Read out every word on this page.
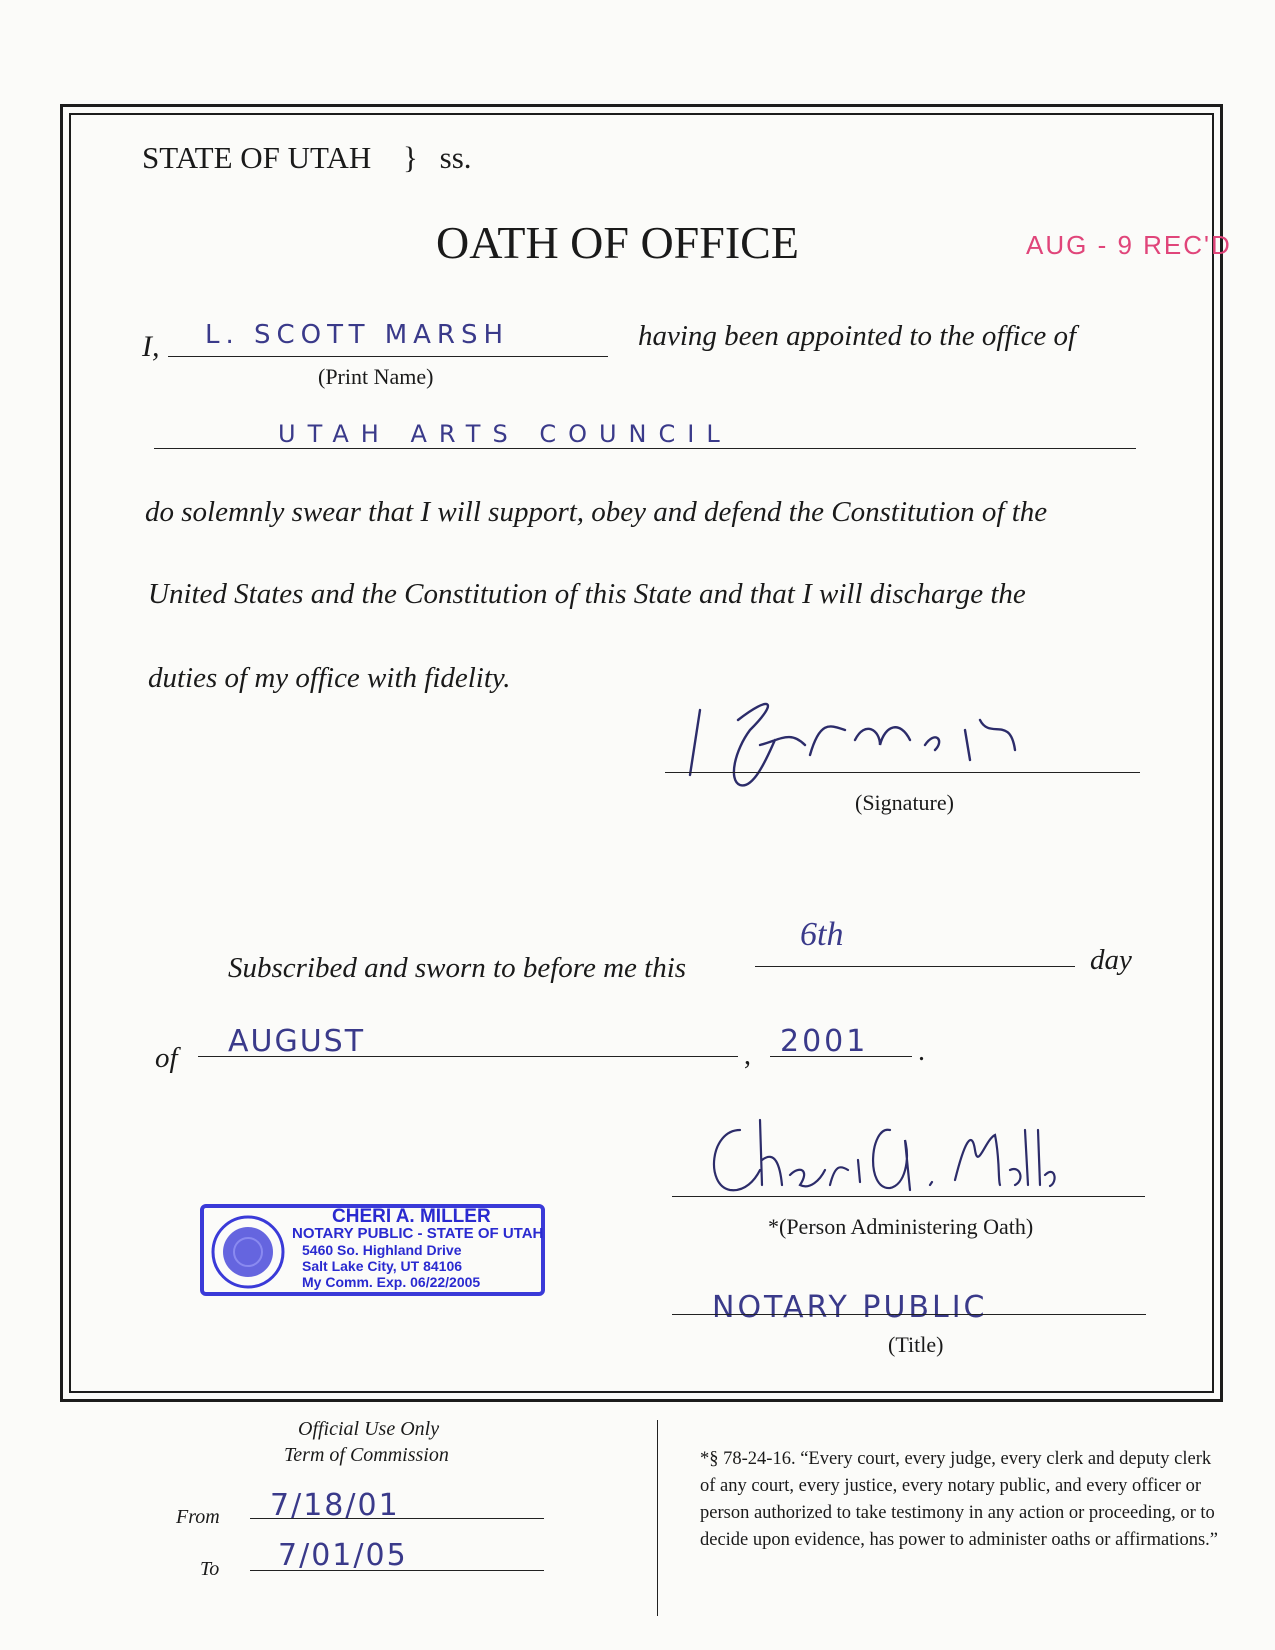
STATE OF UTAH } ss.
OATH OF OFFICE	AUG - 9 REC'D
I, L. SCOTT MARSH
(Print Name)
having been appointed to the office of
UTAH ARTS COUNCIL
do solemnly swear that I will support, obey and defend the Constitution of the
United States and the Constitution of this State and that I will discharge the
duties of my office with fidelity.
(Signature)
Subscribed and sworn to before me this
6th
day
of AUGUST	, 2001 .
*(Person Administering Oath)
CHERI A. MILLER
NOTARY PUBLIC - STATE OF UTAH
5460 So. Highland Drive
Salt Lake City, UT 84106
My Comm. Exp. 06/22/2005
NOTARY PUBLIC
(Title)
Official Use Only
Term of Commission
From 7/18/01
To 7/01/05
*§ 78-24-16. “Every court, every judge, every clerk and deputy clerk of any court, every justice, every notary public, and every officer or person authorized to take testimony in any action or proceeding, or to decide upon evidence, has power to administer oaths or affirmations.”
